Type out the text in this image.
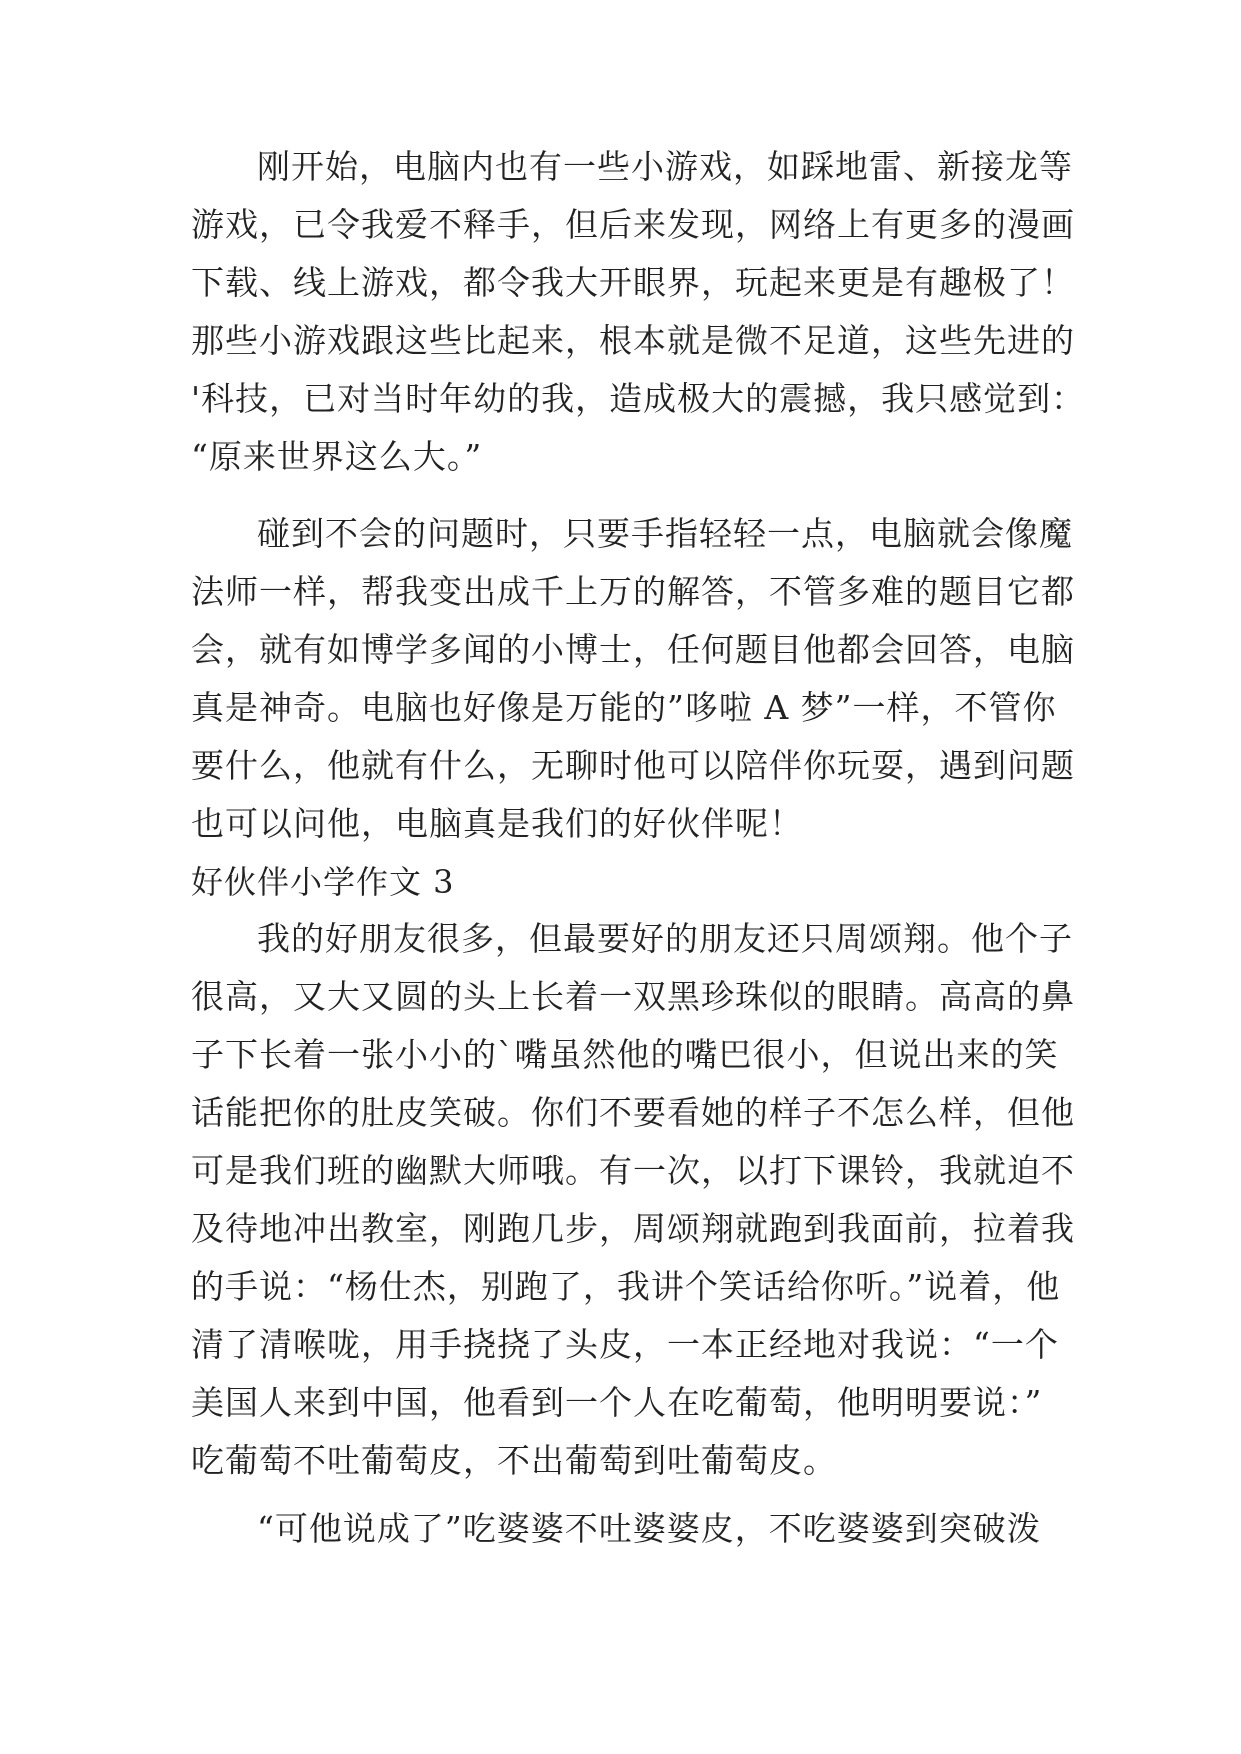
刚开始，电脑内也有一些小游戏，如踩地雷、新接龙等
游戏，已令我爱不释手，但后来发现，网络上有更多的漫画
下载、线上游戏，都令我大开眼界，玩起来更是有趣极了！
那些小游戏跟这些比起来，根本就是微不足道，这些先进的
'科技，已对当时年幼的我，造成极大的震撼，我只感觉到：
“原来世界这么大。”
碰到不会的问题时，只要手指轻轻一点，电脑就会像魔
法师一样，帮我变出成千上万的解答，不管多难的题目它都
会，就有如博学多闻的小博士，任何题目他都会回答，电脑
真是神奇。电脑也好像是万能的”哆啦 A 梦”一样，不管你
要什么，他就有什么，无聊时他可以陪伴你玩耍，遇到问题
也可以问他，电脑真是我们的好伙伴呢！
好伙伴小学作文 3
我的好朋友很多，但最要好的朋友还只周颂翔。他个子
很高，又大又圆的头上长着一双黑珍珠似的眼睛。高高的鼻
子下长着一张小小的`嘴虽然他的嘴巴很小，但说出来的笑
话能把你的肚皮笑破。你们不要看她的样子不怎么样，但他
可是我们班的幽默大师哦。有一次，以打下课铃，我就迫不
及待地冲出教室，刚跑几步，周颂翔就跑到我面前，拉着我
的手说：“杨仕杰，别跑了，我讲个笑话给你听。”说着，他
清了清喉咙，用手挠挠了头皮，一本正经地对我说：“一个
美国人来到中国，他看到一个人在吃葡萄，他明明要说：”
吃葡萄不吐葡萄皮，不出葡萄到吐葡萄皮。
“可他说成了”吃婆婆不吐婆婆皮，不吃婆婆到突破泼
